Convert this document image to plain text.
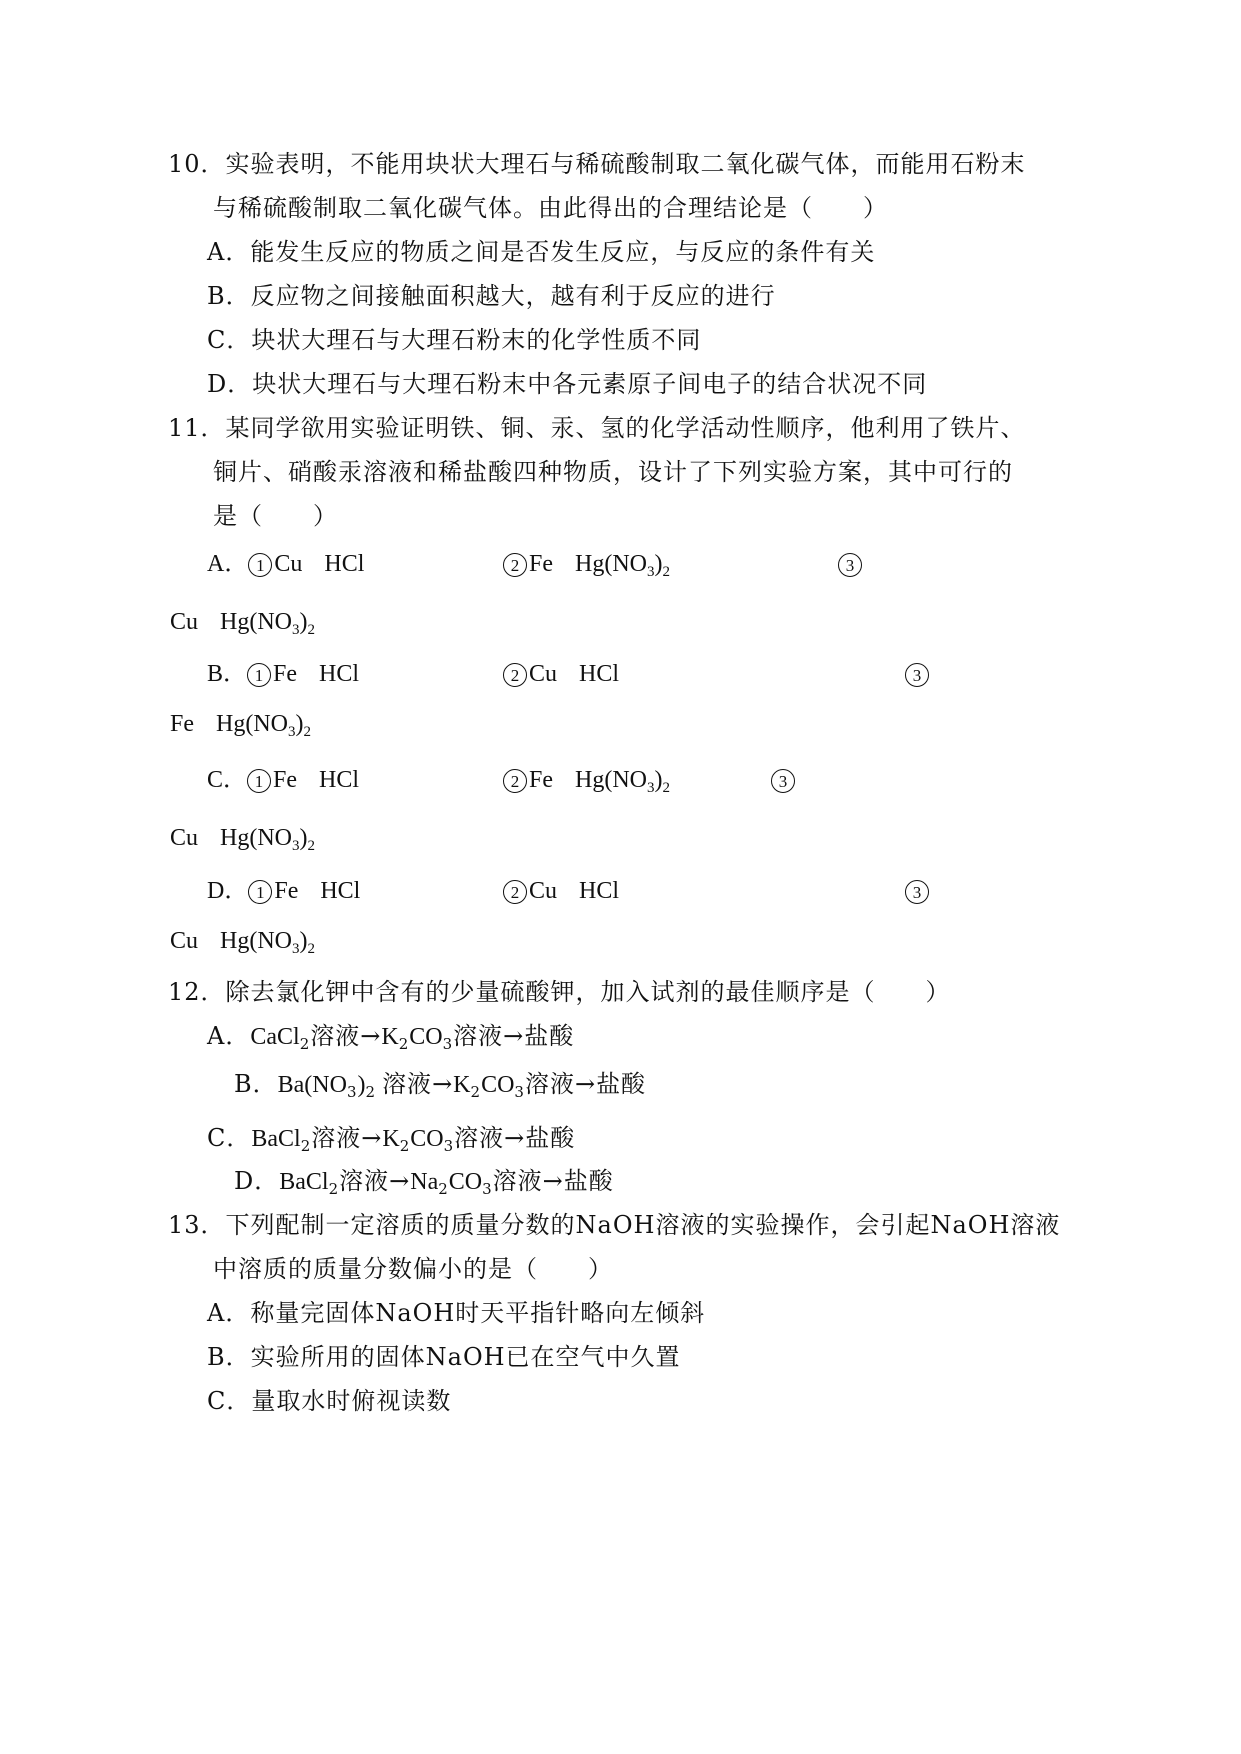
10．实验表明，不能用块状大理石与稀硫酸制取二氧化碳气体，而能用石粉末
与稀硫酸制取二氧化碳气体。由此得出的合理结论是（　　）
A．能发生反应的物质之间是否发生反应，与反应的条件有关
B．反应物之间接触面积越大，越有利于反应的进行
C．块状大理石与大理石粉末的化学性质不同
D．块状大理石与大理石粉末中各元素原子间电子的结合状况不同
11．某同学欲用实验证明铁、铜、汞、氢的化学活动性顺序，他利用了铁片、
铜片、硝酸汞溶液和稀盐酸四种物质，设计了下列实验方案，其中可行的
是（　　）
A． 1 Cu HCl	2 Fe $Hg(NO_3)_2$	3
Cu $Hg(NO_3)_2$
B． 1 Fe HCl	2 Cu HCl	3
Fe $Hg(NO_3)_2$
C． 1 Fe HCl	2 Fe $Hg(NO_3)_2$	3
Cu $Hg(NO_3)_2$
D． 1 Fe HCl	2 Cu HCl	3
Cu $Hg(NO_3)_2$
12．除去氯化钾中含有的少量硫酸钾，加入试剂的最佳顺序是（　　）
A．CaCl$_2$溶液$\to K_2CO_3$溶液→盐酸
B．$Ba(NO_3)_2$ 溶液$\to K_2CO_3$溶液→盐酸
C．BaCl$_2$溶液$\to K_2CO_3$溶液→盐酸
D．BaCl$_2$溶液$\to Na_2CO_3$溶液→盐酸
13．下列配制一定溶质的质量分数的NaOH溶液的实验操作，会引起NaOH溶液
中溶质的质量分数偏小的是（　　）
A．称量完固体NaOH时天平指针略向左倾斜
B．实验所用的固体NaOH已在空气中久置
C．量取水时俯视读数
